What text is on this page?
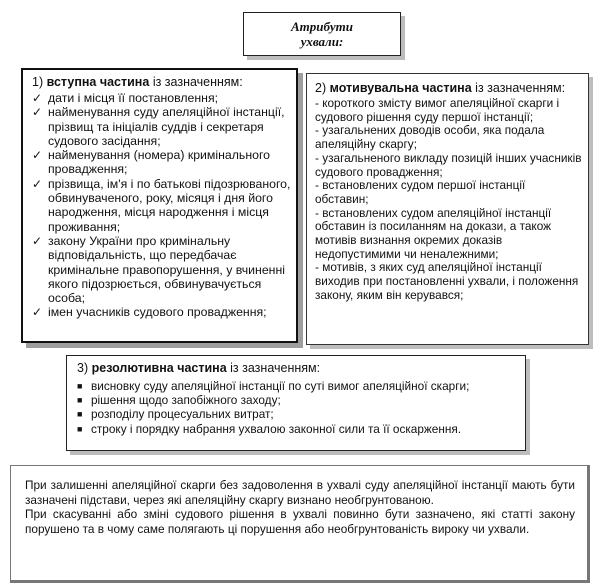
Атрибути
ухвали:
1) вступна частина із зазначенням:
✓ дати і місця її постановлення;
✓ найменування суду апеляційної інстанції, прізвищ та ініціалів суддів і секретаря судового засідання;
✓ найменування (номера) кримінального провадження;
✓ прізвища, ім'я і по батькові підозрюваного, обвинуваченого, року, місяця і дня його народження, місця народження і місця проживання;
✓ закону України про кримінальну відповідальність, що передбачає кримінальне правопорушення, у вчиненні якого підозрюється, обвинувачується особа;
✓ імен учасників судового провадження;
2) мотивувальна частина із зазначенням:
- короткого змісту вимог апеляційної скарги і судового рішення суду першої інстанції;
- узагальнених доводів особи, яка подала апеляційну скаргу;
- узагальненого викладу позицій інших учасників судового провадження;
- встановлених судом першої інстанції обставин;
- встановлених судом апеляційної інстанції обставин із посиланням на докази, а також мотивів визнання окремих доказів недопустимими чи неналежними;
- мотивів, з яких суд апеляційної інстанції виходив при постановленні ухвали, і положення закону, яким він керувався;
3) резолютивна частина із зазначенням:
■ висновку суду апеляційної інстанції по суті вимог апеляційної скарги;
■ рішення щодо запобіжного заходу;
■ розподілу процесуальних витрат;
■ строку і порядку набрання ухвалою законної сили та її оскарження.

При залишенні апеляційної скарги без задоволення в ухвалі суду апеляційної інстанції мають бути зазначені підстави, через які апеляційну скаргу визнано необгрунтованою.

При скасуванні або зміні судового рішення в ухвалі повинно бути зазначено, які статті закону порушено та в чому саме полягають ці порушення або необгрунтованість вироку чи ухвали.
